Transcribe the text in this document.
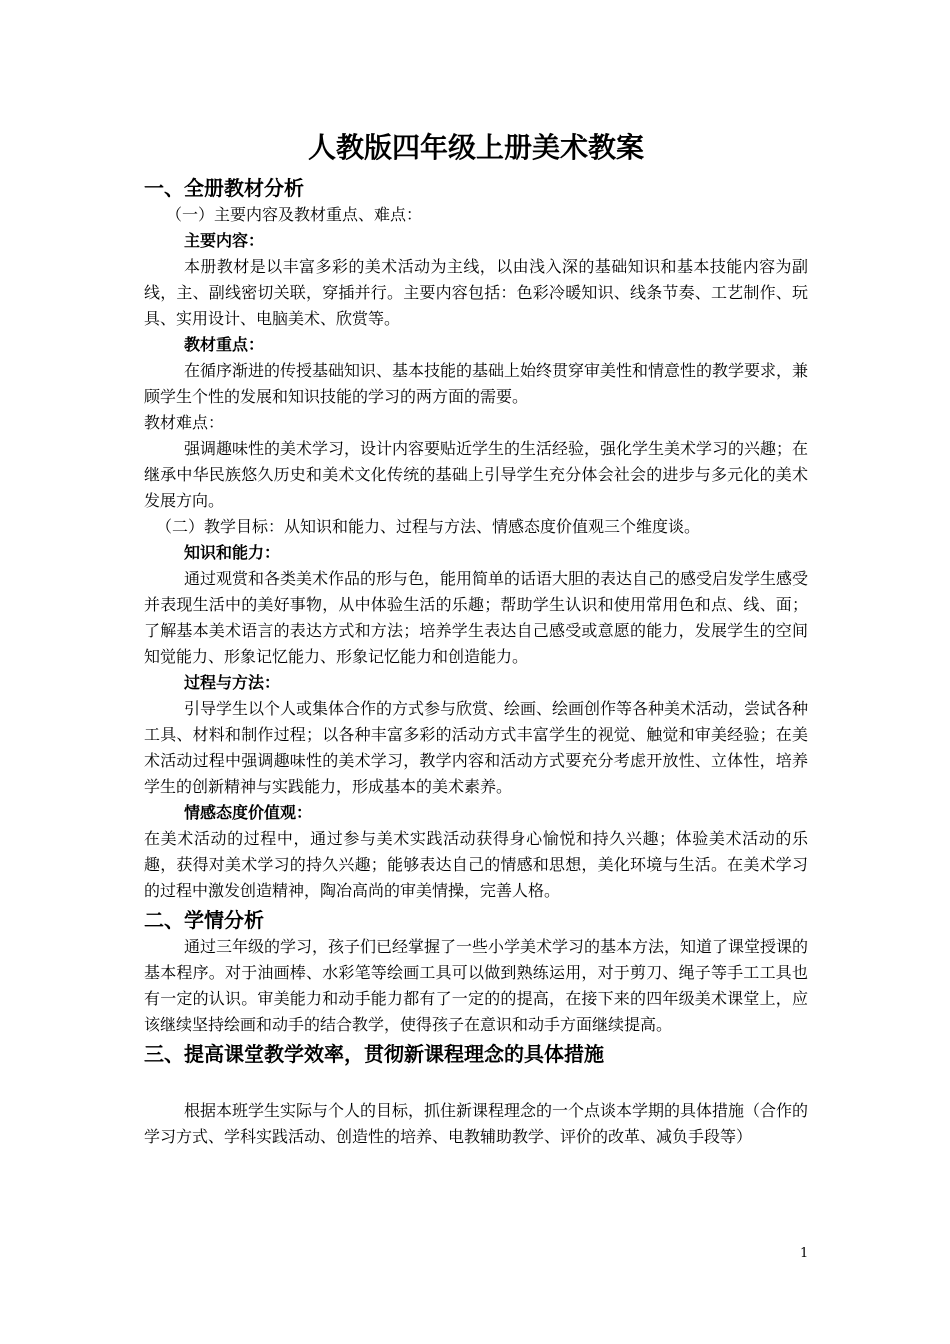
人教版四年级上册美术教案
一、全册教材分析
（一）主要内容及教材重点、难点：
主要内容：
本册教材是以丰富多彩的美术活动为主线，以由浅入深的基础知识和基本技能内容为副线，主、副线密切关联，穿插并行。主要内容包括：色彩冷暖知识、线条节奏、工艺制作、玩具、实用设计、电脑美术、欣赏等。
教材重点：
在循序渐进的传授基础知识、基本技能的基础上始终贯穿审美性和情意性的教学要求，兼顾学生个性的发展和知识技能的学习的两方面的需要。
教材难点：
强调趣味性的美术学习，设计内容要贴近学生的生活经验，强化学生美术学习的兴趣；在继承中华民族悠久历史和美术文化传统的基础上引导学生充分体会社会的进步与多元化的美术发展方向。
（二）教学目标：从知识和能力、过程与方法、情感态度价值观三个维度谈。
知识和能力：
通过观赏和各类美术作品的形与色，能用简单的话语大胆的表达自己的感受启发学生感受并表现生活中的美好事物，从中体验生活的乐趣；帮助学生认识和使用常用色和点、线、面；了解基本美术语言的表达方式和方法；培养学生表达自己感受或意愿的能力，发展学生的空间知觉能力、形象记忆能力、形象记忆能力和创造能力。
过程与方法：
引导学生以个人或集体合作的方式参与欣赏、绘画、绘画创作等各种美术活动，尝试各种工具、材料和制作过程；以各种丰富多彩的活动方式丰富学生的视觉、触觉和审美经验；在美术活动过程中强调趣味性的美术学习，教学内容和活动方式要充分考虑开放性、立体性，培养学生的创新精神与实践能力，形成基本的美术素养。
情感态度价值观：
在美术活动的过程中，通过参与美术实践活动获得身心愉悦和持久兴趣；体验美术活动的乐趣，获得对美术学习的持久兴趣；能够表达自己的情感和思想，美化环境与生活。在美术学习的过程中激发创造精神，陶冶高尚的审美情操，完善人格。
二、学情分析
通过三年级的学习，孩子们已经掌握了一些小学美术学习的基本方法，知道了课堂授课的基本程序。对于油画棒、水彩笔等绘画工具可以做到熟练运用，对于剪刀、绳子等手工工具也有一定的认识。审美能力和动手能力都有了一定的的提高，在接下来的四年级美术课堂上，应该继续坚持绘画和动手的结合教学，使得孩子在意识和动手方面继续提高。
三、提高课堂教学效率，贯彻新课程理念的具体措施
根据本班学生实际与个人的目标，抓住新课程理念的一个点谈本学期的具体措施（合作的学习方式、学科实践活动、创造性的培养、电教辅助教学、评价的改革、减负手段等）
1
